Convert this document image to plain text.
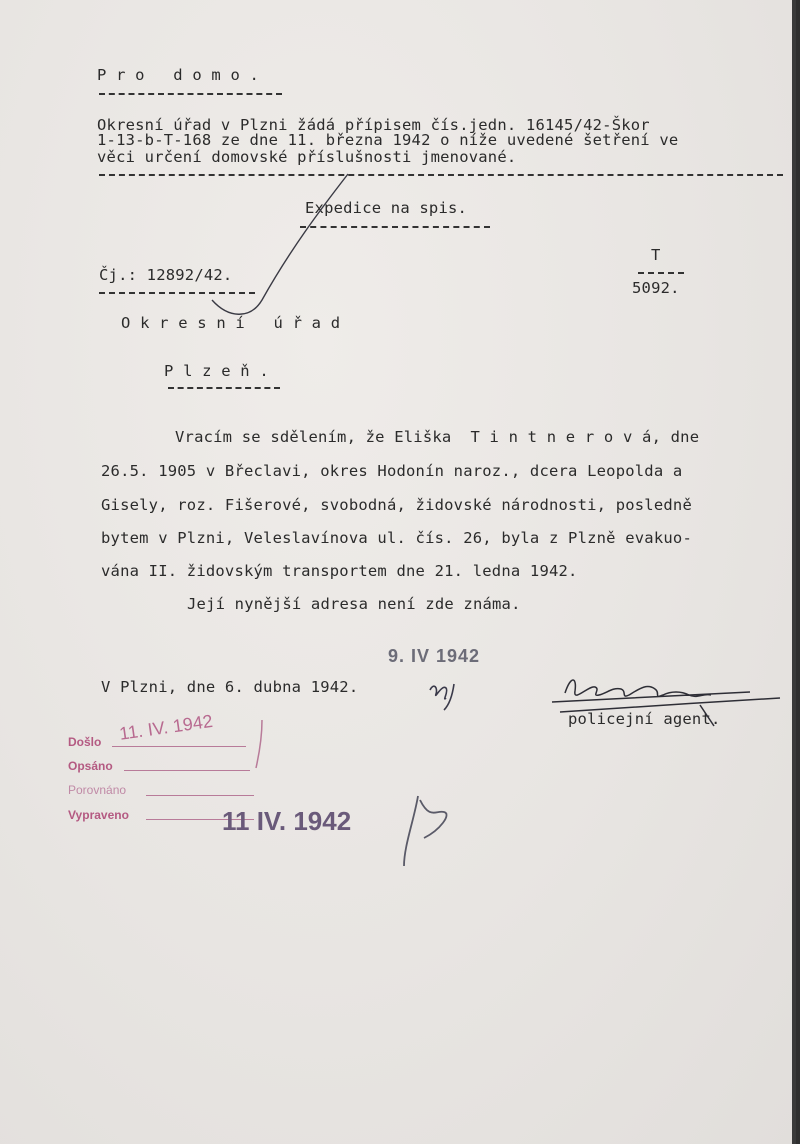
P r o   d o m o .
Okresní úřad v Plzni žádá přípisem čís.jedn. 16145/42-Škor
1-13-b-T-168 ze dne 11. března 1942 o níže uvedené šetření ve
věci určení domovské příslušnosti jmenované.
Expedice na spis.
Čj.: 12892/42.
T
5092.
O k r e s n í   ú ř a d
P l z e ň .
Vracím se sdělením, že Eliška  T i n t n e r o v á, dne
26.5. 1905 v Břeclavi, okres Hodonín naroz., dcera Leopolda a
Gisely, roz. Fišerové, svobodná, židovské národnosti, posledně
bytem v Plzni, Veleslavínova ul. čís. 26, byla z Plzně evakuo-
vána II. židovským transportem dne 21. ledna 1942.
Její nynější adresa není zde známa.
9. IV 1942
V Plzni, dne 6. dubna 1942.
policejní agent.
Došlo
Opsáno
Porovnáno
Vypraveno
11. IV. 1942
11 IV. 1942
